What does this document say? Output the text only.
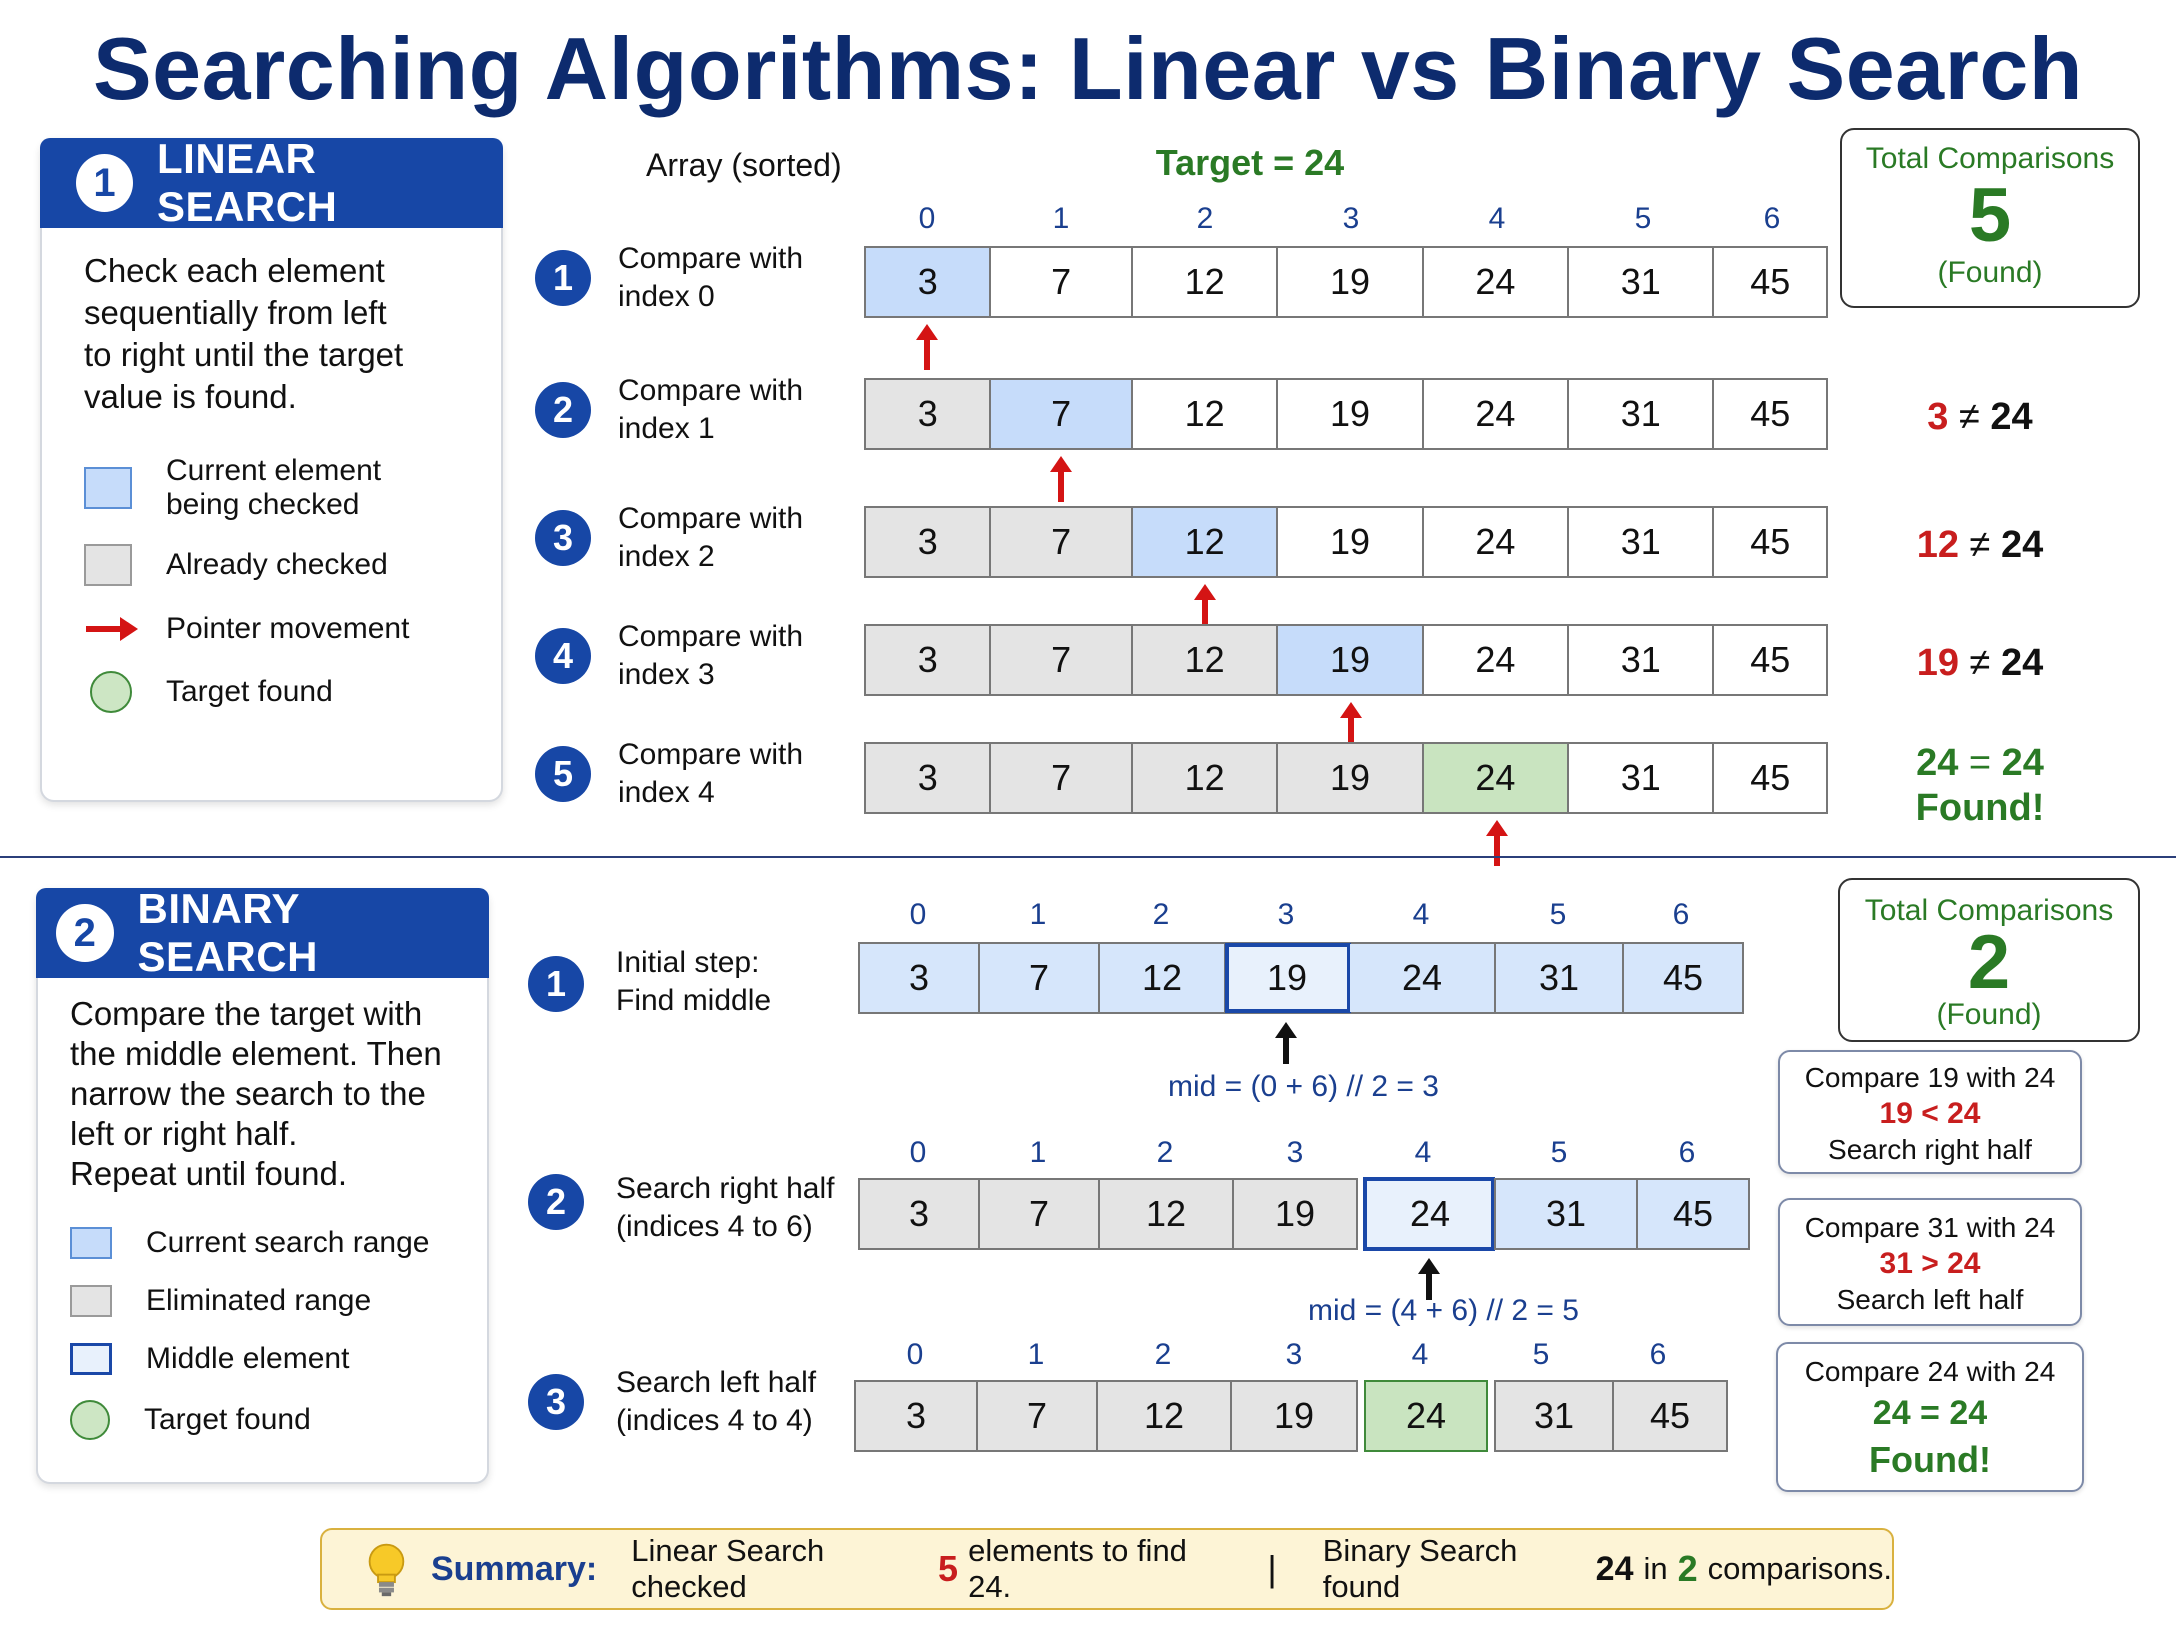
Searching Algorithms: Linear vs Binary Search
1
LINEAR SEARCH
Check each element
sequentially from left
to right until the target
value is found.
Current element
being checked
Already checked
Pointer movement
Target found
Array (sorted)	Target = 24
0	1	2	3	4	5	6
1	Compare with
index 0	3	7	12	19	24	31	45
2	Compare with
index 1	3	7	12	19	24	31	45	3 ≠ 24
3	Compare with
index 2	3	7	12	19	24	31	45	12 ≠ 24
4	Compare with
index 3	3	7	12	19	24	31	45	19 ≠ 24
5	Compare with
index 4	3	7	12	19	24	31	45	24 = 24
Found!
Total Comparisons
5
(Found)
2
BINARY SEARCH
Compare the target with
the middle element. Then
narrow the search to the
left or right half.
Repeat until found.
Current search range
Eliminated range
Middle element
Target found
1
Initial step:
Find middle
0	1	2	3	4	5	6
3	7	12	19	24	31	45
mid = (0 + 6) // 2 = 3
2	Search right half
(indices 4 to 6)
0	1	2	3	4	5	6
3	7	12	19	24	31	45
mid = (4 + 6) // 2 = 5
3	Search left half
(indices 4 to 4)
0	1	2	3	4	5	6
3	7	12	19	24	31	45
Total Comparisons
2
(Found)
Compare 19 with 24
19 < 24
Search right half
Compare 31 with 24
31 > 24
Search left half
Compare 24 with 24
24 = 24
Found!
Summary: Linear Search checked	5 elements to find 24.	| Binary Search found	24 in 2 comparisons.
